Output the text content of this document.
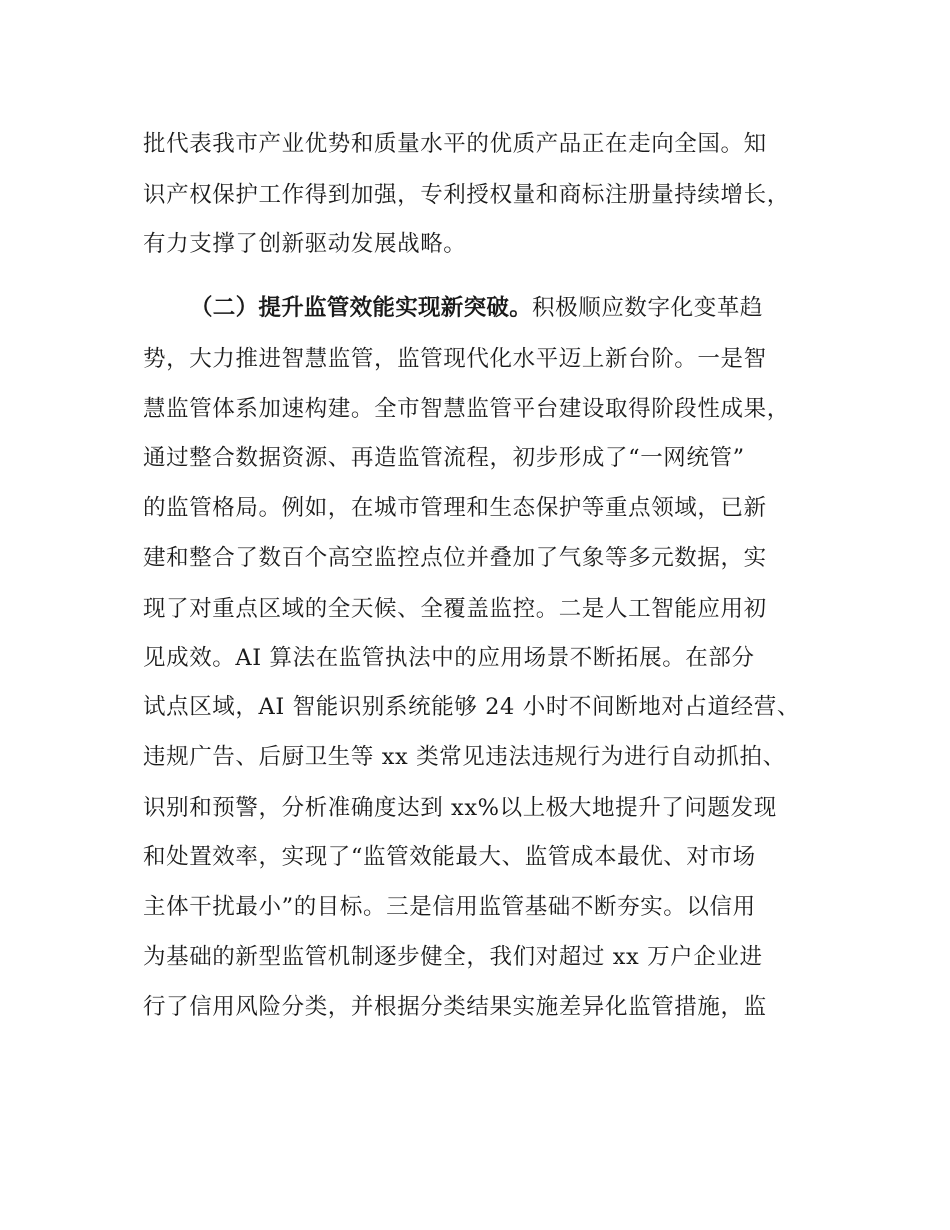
批代表我市产业优势和质量水平的优质产品正在走向全国。知
识产权保护工作得到加强，专利授权量和商标注册量持续增长，
有力支撑了创新驱动发展战略。
（二）提升监管效能实现新突破。积极顺应数字化变革趋
势，大力推进智慧监管，监管现代化水平迈上新台阶。一是智
慧监管体系加速构建。全市智慧监管平台建设取得阶段性成果，
通过整合数据资源、再造监管流程，初步形成了“一网统管”
的监管格局。例如，在城市管理和生态保护等重点领域，已新
建和整合了数百个高空监控点位并叠加了气象等多元数据，实
现了对重点区域的全天候、全覆盖监控。二是人工智能应用初
见成效。AI 算法在监管执法中的应用场景不断拓展。在部分
试点区域，AI 智能识别系统能够 24 小时不间断地对占道经营、
违规广告、后厨卫生等 xx 类常见违法违规行为进行自动抓拍、
识别和预警，分析准确度达到 xx%以上极大地提升了问题发现
和处置效率，实现了“监管效能最大、监管成本最优、对市场
主体干扰最小”的目标。三是信用监管基础不断夯实。以信用
为基础的新型监管机制逐步健全，我们对超过 xx 万户企业进
行了信用风险分类，并根据分类结果实施差异化监管措施，监
